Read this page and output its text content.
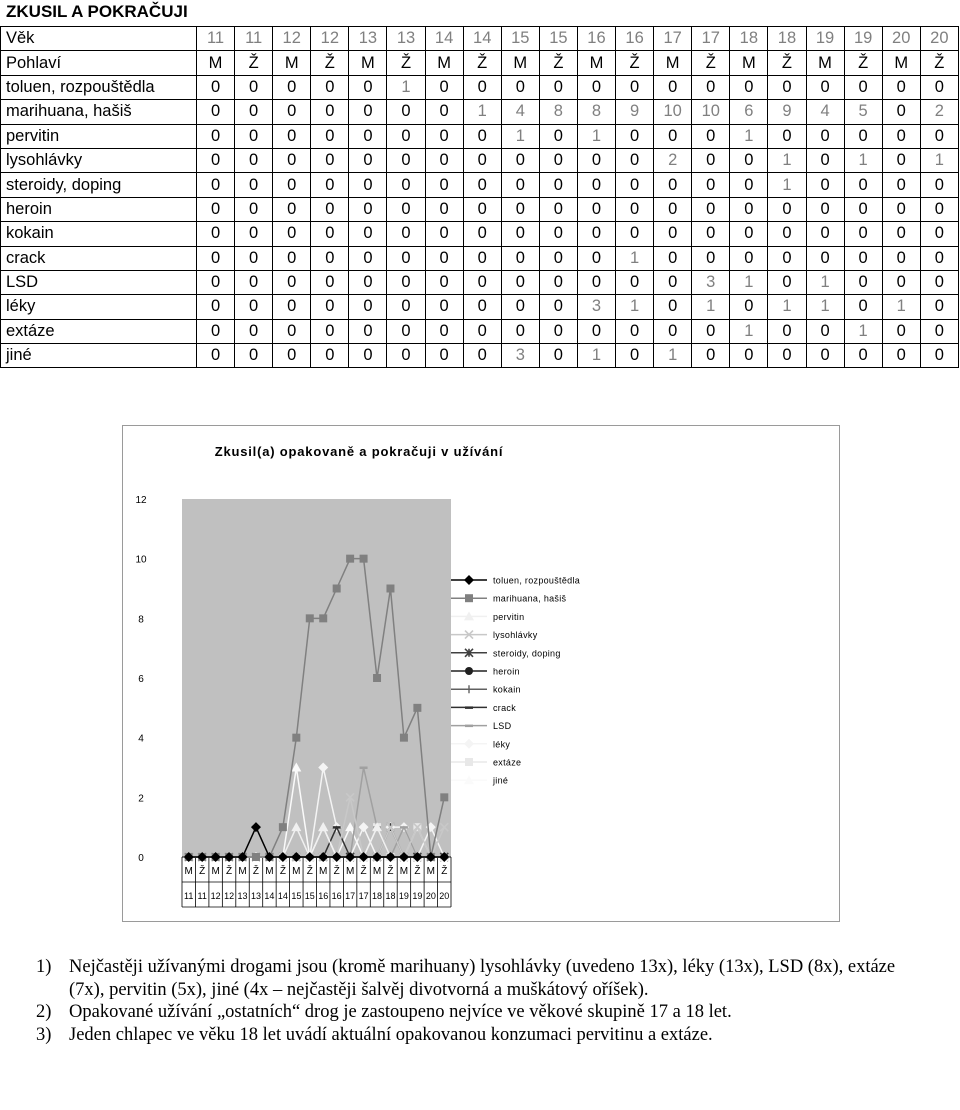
ZKUSIL A POKRAČUJI
Věk	11	11	12	12	13	13	14	14	15	15	16	16	17	17	18	18	19	19	20	20
Pohlaví	M	Ž	M	Ž	M	Ž	M	Ž	M	Ž	M	Ž	M	Ž	M	Ž	M	Ž	M	Ž
toluen, rozpouštědla	0	0	0	0	0	1	0	0	0	0	0	0	0	0	0	0	0	0	0	0
marihuana, hašiš	0	0	0	0	0	0	0	1	4	8	8	9	10	10	6	9	4	5	0	2
pervitin	0	0	0	0	0	0	0	0	1	0	1	0	0	0	1	0	0	0	0	0
lysohlávky	0	0	0	0	0	0	0	0	0	0	0	0	2	0	0	1	0	1	0	1
steroidy, doping	0	0	0	0	0	0	0	0	0	0	0	0	0	0	0	1	0	0	0	0
heroin	0	0	0	0	0	0	0	0	0	0	0	0	0	0	0	0	0	0	0	0
kokain	0	0	0	0	0	0	0	0	0	0	0	0	0	0	0	0	0	0	0	0
crack	0	0	0	0	0	0	0	0	0	0	0	1	0	0	0	0	0	0	0	0
LSD	0	0	0	0	0	0	0	0	0	0	0	0	0	3	1	0	1	0	0	0
léky	0	0	0	0	0	0	0	0	0	0	3	1	0	1	0	1	1	0	1	0
extáze	0	0	0	0	0	0	0	0	0	0	0	0	0	0	1	0	0	1	0	0
jiné	0	0	0	0	0	0	0	0	3	0	1	0	1	0	0	0	0	0	0	0
Zkusil(a) opakovaně a pokračuji v užívání
0
2
4
6
8
10
12
M
11
Ž
11
M
12
Ž
12
M
13
Ž
13
M
14
Ž
14
M
15
Ž
15
M
16
Ž
16
M
17
Ž
17
M
18
Ž
18
M
19
Ž
19
M
20
Ž
20
toluen, rozpouštědla
marihuana, hašiš
pervitin
lysohlávky
steroidy, doping
heroin
kokain
crack
LSD
léky
extáze
jiné
1) Nejčastěji užívanými drogami jsou (kromě marihuany) lysohlávky (uvedeno 13x), léky (13x), LSD (8x), extáze (7x), pervitin (5x), jiné (4x – nejčastěji šalvěj divotvorná a muškátový oříšek).
2) Opakované užívání „ostatních“ drog je zastoupeno nejvíce ve věkové skupině 17 a 18 let.
3) Jeden chlapec ve věku 18 let uvádí aktuální opakovanou konzumaci pervitinu a extáze.
